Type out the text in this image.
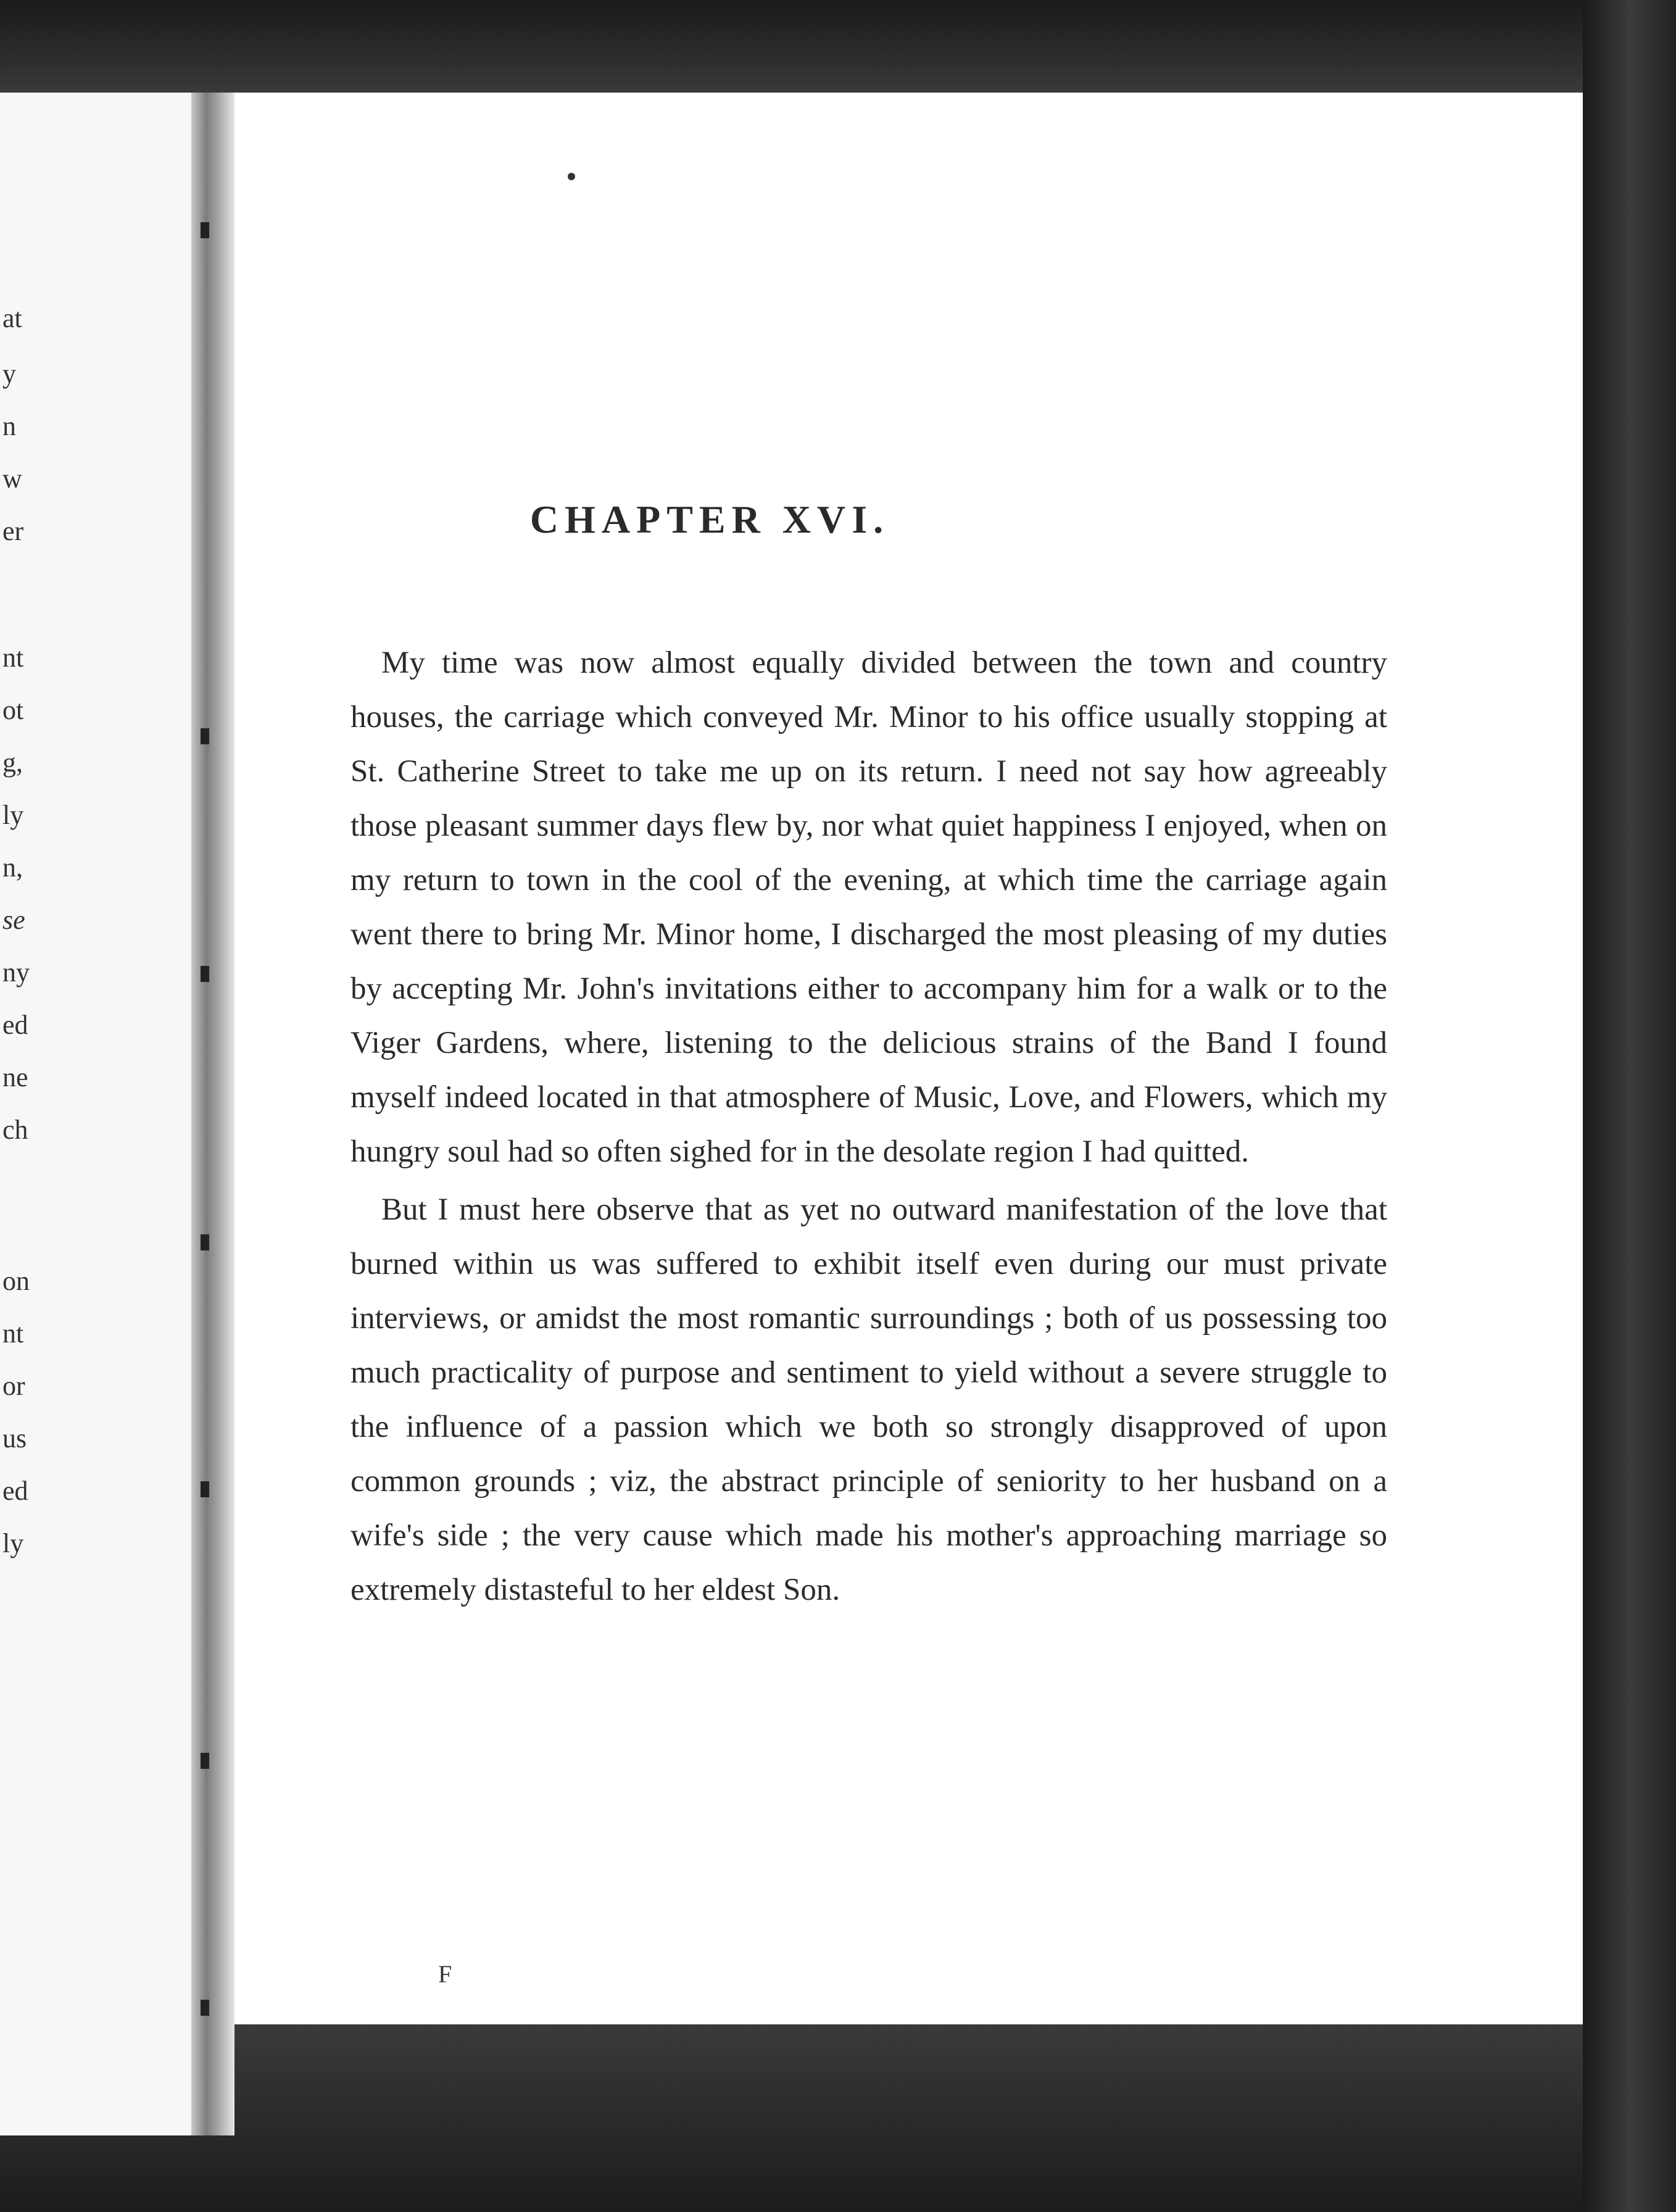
at
y
n
w
er
nt
ot
g,
ly
n,
se
ny
ed
ne
ch
on
nt
or
us
ed
ly
CHAPTER XVI.

My time was now almost equally divided between the town and country houses, the carriage which conveyed Mr. Minor to his office usually stopping at St. Catherine Street to take me up on its return. I need not say how agreeably those pleasant summer days flew by, nor what quiet happiness I enjoyed, when on my return to town in the cool of the evening, at which time the carriage again went there to bring Mr. Minor home, I discharged the most pleasing of my duties by accepting Mr. John's invitations either to accompany him for a walk or to the Viger Gardens, where, listening to the delicious strains of the Band I found myself indeed located in that atmosphere of Music, Love, and Flowers, which my hungry soul had so often sighed for in the desolate region I had quitted.

But I must here observe that as yet no outward manifestation of the love that burned within us was suffered to exhibit itself even during our must private interviews, or amidst the most romantic surroundings ; both of us possessing too much practicality of purpose and sentiment to yield without a severe struggle to the influence of a passion which we both so strongly disapproved of upon common grounds ; viz, the abstract principle of seniority to her husband on a wife's side ; the very cause which made his mother's approaching marriage so extremely distasteful to her eldest Son.

F
